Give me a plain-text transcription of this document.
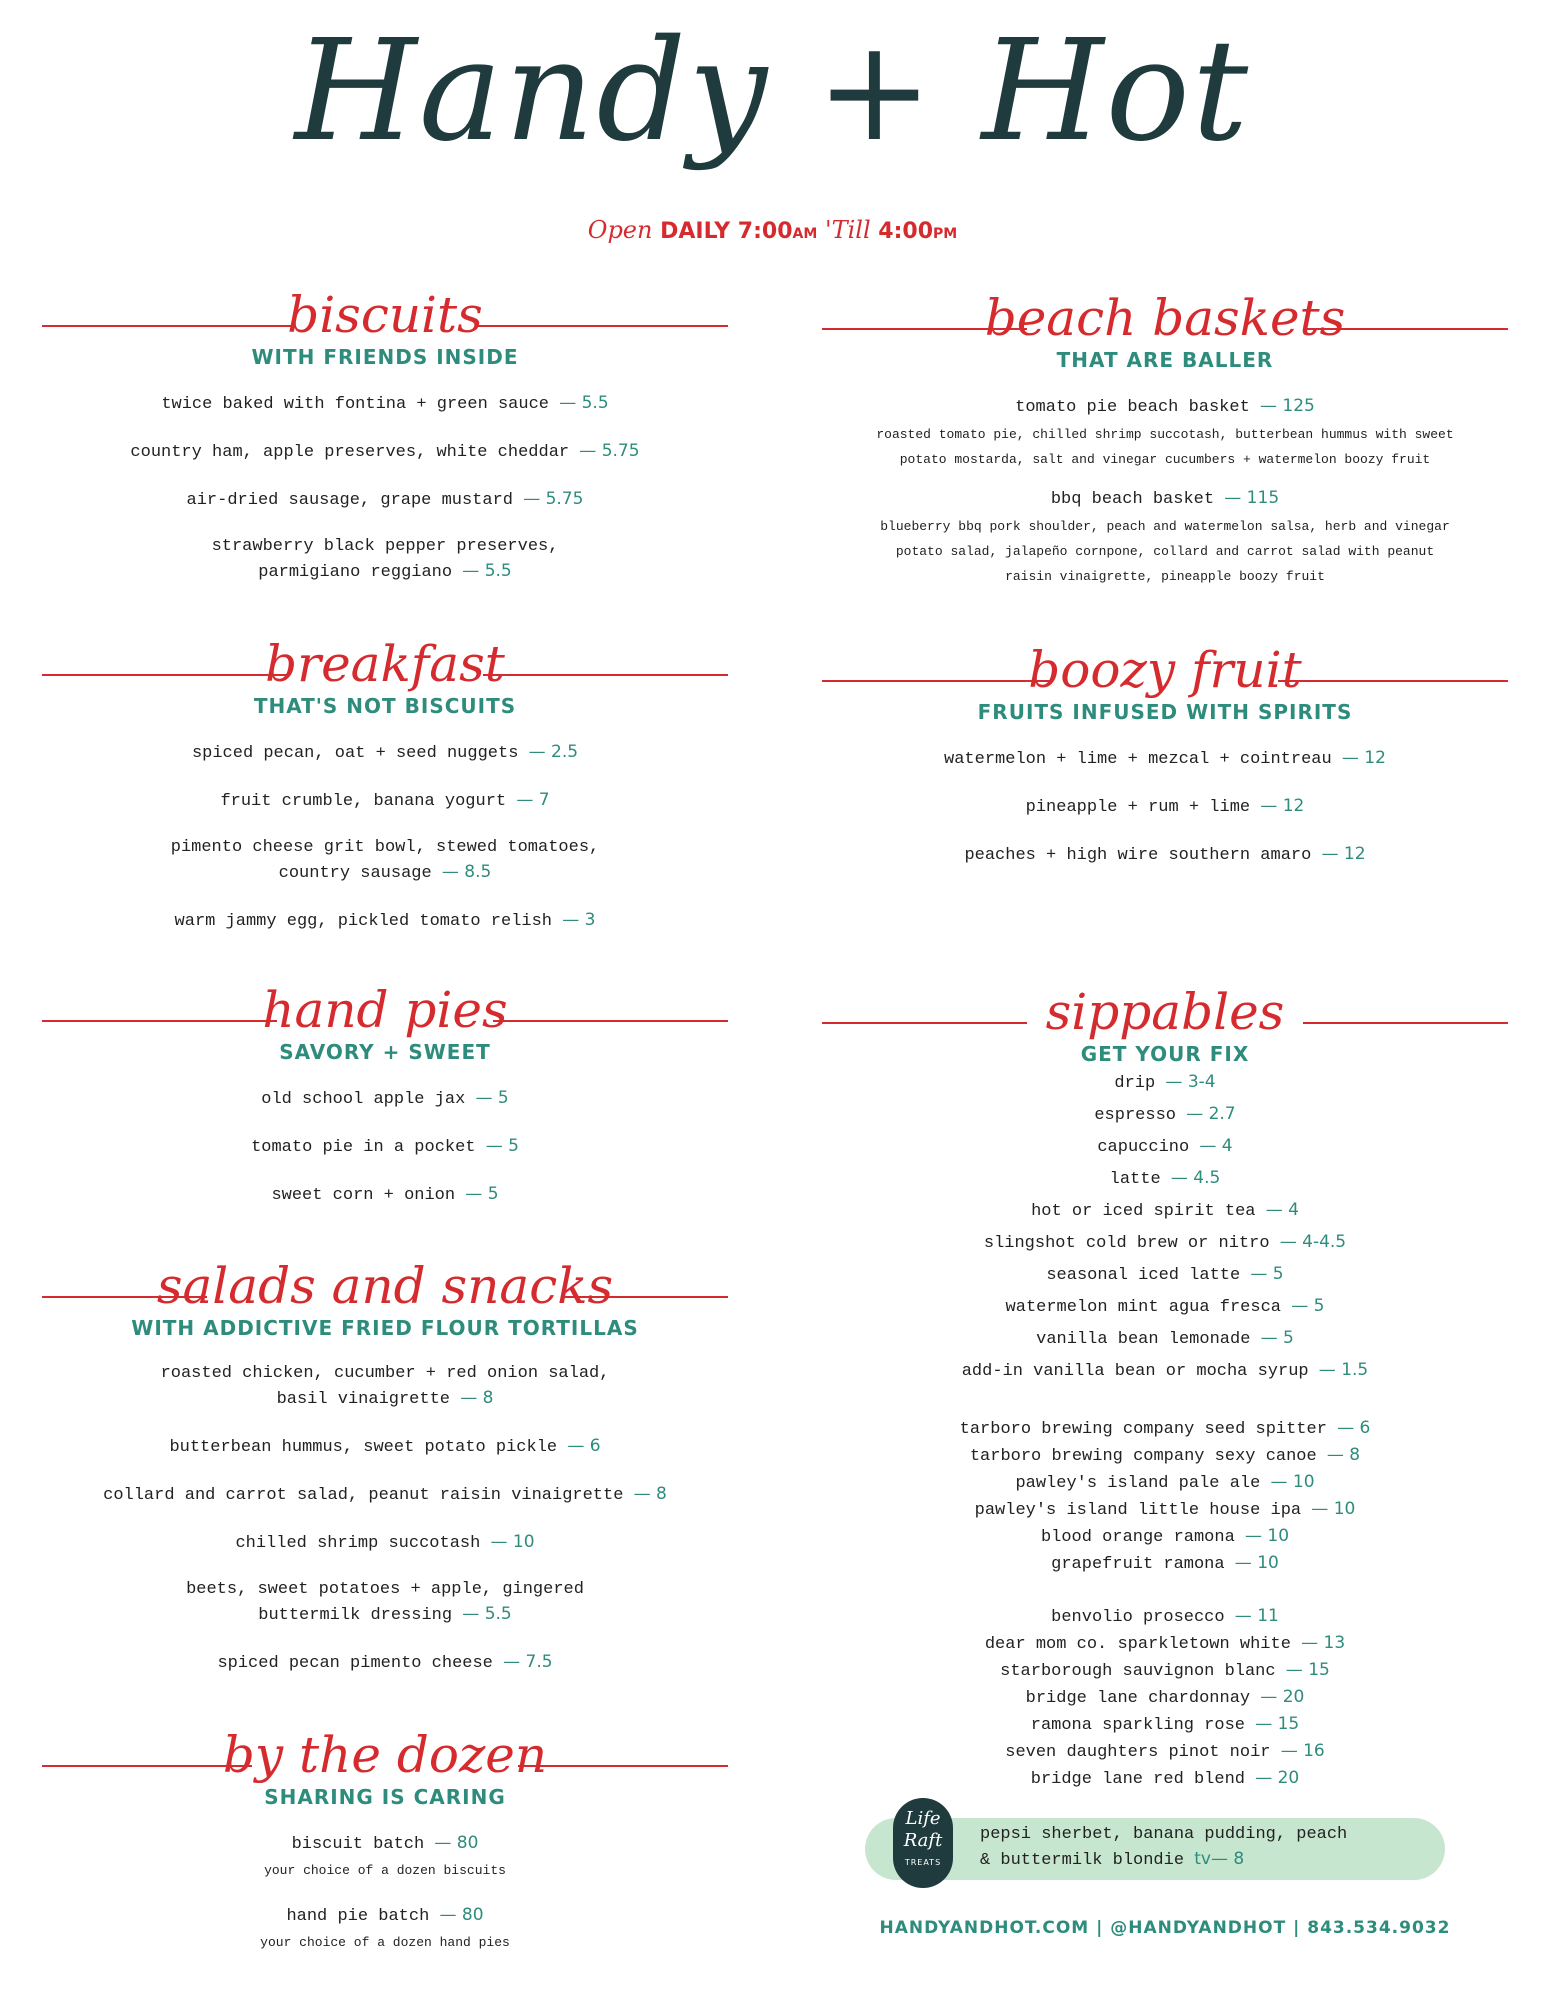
Handy + Hot
Open DAILY 7:00AM 'Till 4:00PM
biscuits
WITH FRIENDS INSIDE
twice baked with fontina + green sauce — 5.5
country ham, apple preserves, white cheddar — 5.75
air-dried sausage, grape mustard — 5.75
strawberry black pepper preserves,
parmigiano reggiano — 5.5
breakfast
THAT'S NOT BISCUITS
spiced pecan, oat + seed nuggets — 2.5
fruit crumble, banana yogurt — 7
pimento cheese grit bowl, stewed tomatoes,
country sausage — 8.5
warm jammy egg, pickled tomato relish — 3
hand pies
SAVORY + SWEET
old school apple jax — 5
tomato pie in a pocket — 5
sweet corn + onion — 5
salads and snacks
WITH ADDICTIVE FRIED FLOUR TORTILLAS
roasted chicken, cucumber + red onion salad,
basil vinaigrette — 8
butterbean hummus, sweet potato pickle — 6
collard and carrot salad, peanut raisin vinaigrette — 8
chilled shrimp succotash — 10
beets, sweet potatoes + apple, gingered
buttermilk dressing — 5.5
spiced pecan pimento cheese — 7.5
by the dozen
SHARING IS CARING
biscuit batch — 80
your choice of a dozen biscuits
hand pie batch — 80
your choice of a dozen hand pies
beach baskets
THAT ARE BALLER
tomato pie beach basket — 125
roasted tomato pie, chilled shrimp succotash, butterbean hummus with sweet
potato mostarda, salt and vinegar cucumbers + watermelon boozy fruit
bbq beach basket — 115
blueberry bbq pork shoulder, peach and watermelon salsa, herb and vinegar
potato salad, jalapeño cornpone, collard and carrot salad with peanut
raisin vinaigrette, pineapple boozy fruit
boozy fruit
FRUITS INFUSED WITH SPIRITS
watermelon + lime + mezcal + cointreau — 12
pineapple + rum + lime — 12
peaches + high wire southern amaro — 12
sippables
GET YOUR FIX
drip — 3-4
espresso — 2.7
capuccino — 4
latte — 4.5
hot or iced spirit tea — 4
slingshot cold brew or nitro — 4-4.5
seasonal iced latte — 5
watermelon mint agua fresca — 5
vanilla bean lemonade — 5
add-in vanilla bean or mocha syrup — 1.5
tarboro brewing company seed spitter — 6
tarboro brewing company sexy canoe — 8
pawley's island pale ale — 10
pawley's island little house ipa — 10
blood orange ramona — 10
grapefruit ramona — 10
benvolio prosecco — 11
dear mom co. sparkletown white — 13
starborough sauvignon blanc — 15
bridge lane chardonnay — 20
ramona sparkling rose — 15
seven daughters pinot noir — 16
bridge lane red blend — 20
Life
Raft
TREATS
pepsi sherbet, banana pudding, peach
& buttermilk blondie tv— 8
HANDYANDHOT.COM | @HANDYANDHOT | 843.534.9032
